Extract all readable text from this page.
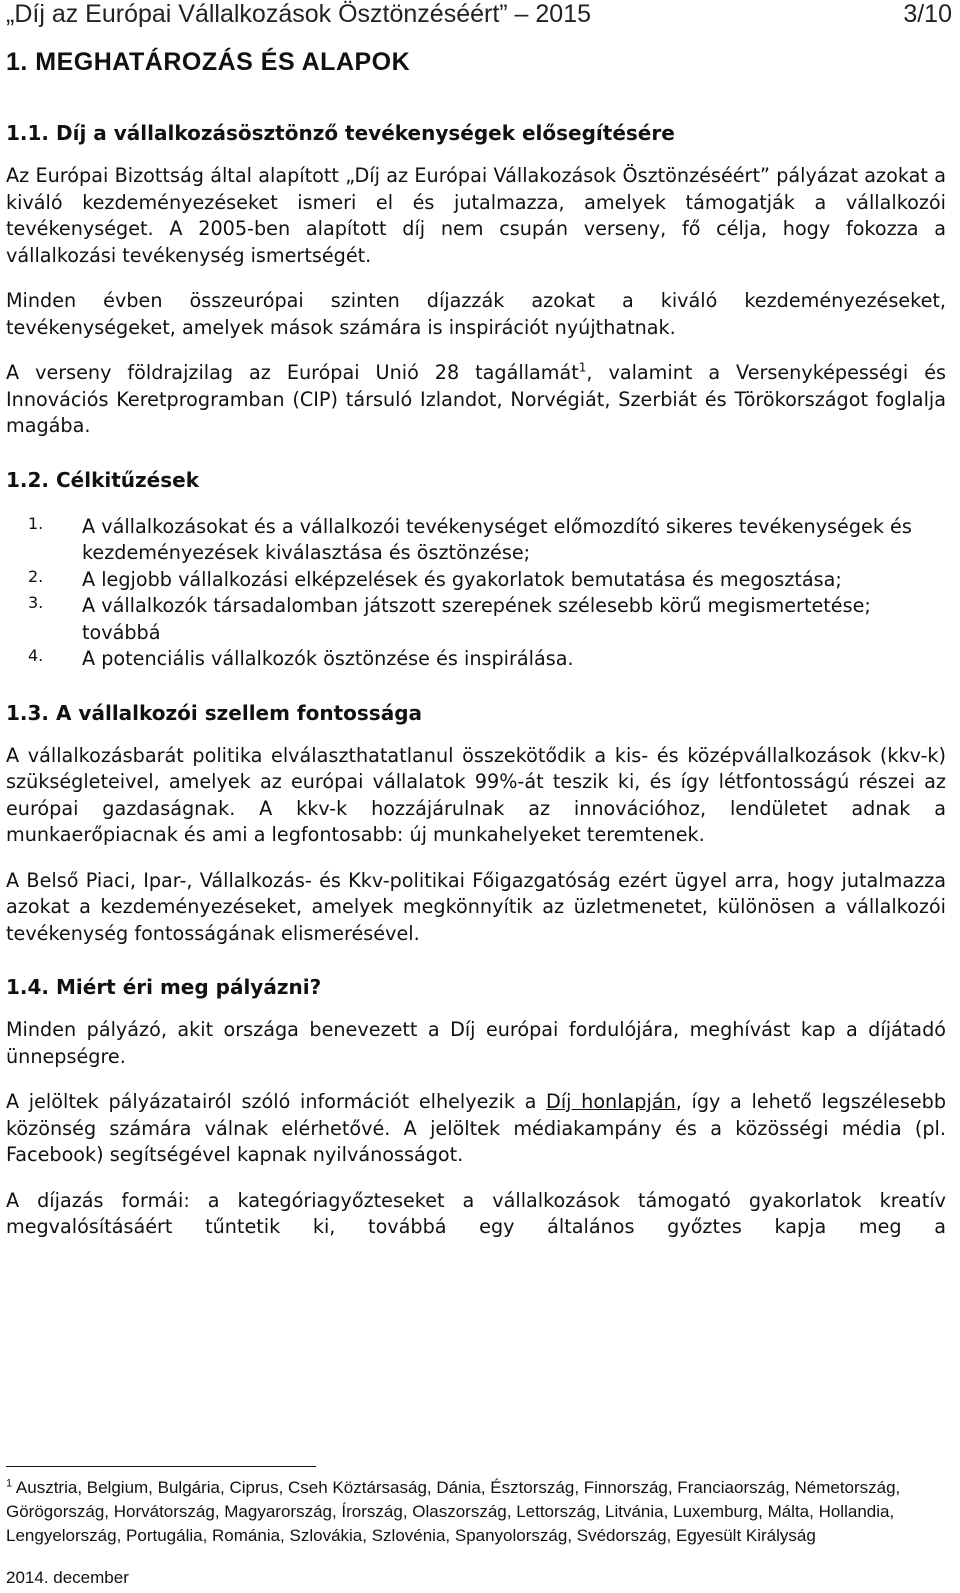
„Díj az Európai Vállalkozások Ösztönzéséért” – 2015	3/10
1. MEGHATÁROZÁS ÉS ALAPOK
1.1. Díj a vállalkozásösztönző tevékenységek elősegítésére

Az Európai Bizottság által alapított „Díj az Európai Vállakozások Ösztönzéséért” pályázat azokat a kiváló kezdeményezéseket ismeri el és jutalmazza, amelyek támogatják a vállalkozói tevékenységet. A 2005-ben alapított díj nem csupán verseny, fő célja, hogy fokozza a vállalkozási tevékenység ismertségét.

Minden évben összeurópai szinten díjazzák azokat a kiváló kezdeményezéseket, tevékenységeket, amelyek mások számára is inspirációt nyújthatnak.

A verseny földrajzilag az Európai Unió 28 tagállamát$^1$, valamint a Versenyképességi és Innovációs Keretprogramban (CIP) társuló Izlandot, Norvégiát, Szerbiát és Törökországot foglalja magába.

1.2. Célkitűzések
1. A vállalkozásokat és a vállalkozói tevékenységet előmozdító sikeres tevékenységek és kezdeményezések kiválasztása és ösztönzése;
2. A legjobb vállalkozási elképzelések és gyakorlatok bemutatása és megosztása;
3. A vállalkozók társadalomban játszott szerepének szélesebb körű megismertetése; továbbá
4. A potenciális vállalkozók ösztönzése és inspirálása.
1.3. A vállalkozói szellem fontossága

A vállalkozásbarát politika elválaszthatatlanul összekötődik a kis- és középvállalkozások (kkv-k) szükségleteivel, amelyek az európai vállalatok 99%-át teszik ki, és így létfontosságú részei az európai gazdaságnak. A kkv-k hozzájárulnak az innovációhoz, lendületet adnak a munkaerőpiacnak és ami a legfontosabb: új munkahelyeket teremtenek.

A Belső Piaci, Ipar-, Vállalkozás- és Kkv-politikai Főigazgatóság ezért ügyel arra, hogy jutalmazza azokat a kezdeményezéseket, amelyek megkönnyítik az üzletmenetet, különösen a vállalkozói tevékenység fontosságának elismerésével.

1.4. Miért éri meg pályázni?

Minden pályázó, akit országa benevezett a Díj európai fordulójára, meghívást kap a díjátadó ünnepségre.

A jelöltek pályázatairól szóló információt elhelyezik a Díj honlapján, így a lehető legszélesebb közönség számára válnak elérhetővé. A jelöltek médiakampány és a közösségi média (pl. Facebook) segítségével kapnak nyilvánosságot.

A díjazás formái: a kategóriagyőzteseket a vállalkozások támogató gyakorlatok kreatív megvalósításáért tűntetik ki, továbbá egy általános győztes kapja meg a

$^1$ Ausztria, Belgium, Bulgária, Ciprus, Cseh Köztársaság, Dánia, Észtország, Finnország, Franciaország, Németország, Görögország, Horvátország, Magyarország, Írország, Olaszország, Lettország, Litvánia, Luxemburg, Málta, Hollandia, Lengyelország, Portugália, Románia, Szlovákia, Szlovénia, Spanyolország, Svédország, Egyesült Királyság
2014. december
